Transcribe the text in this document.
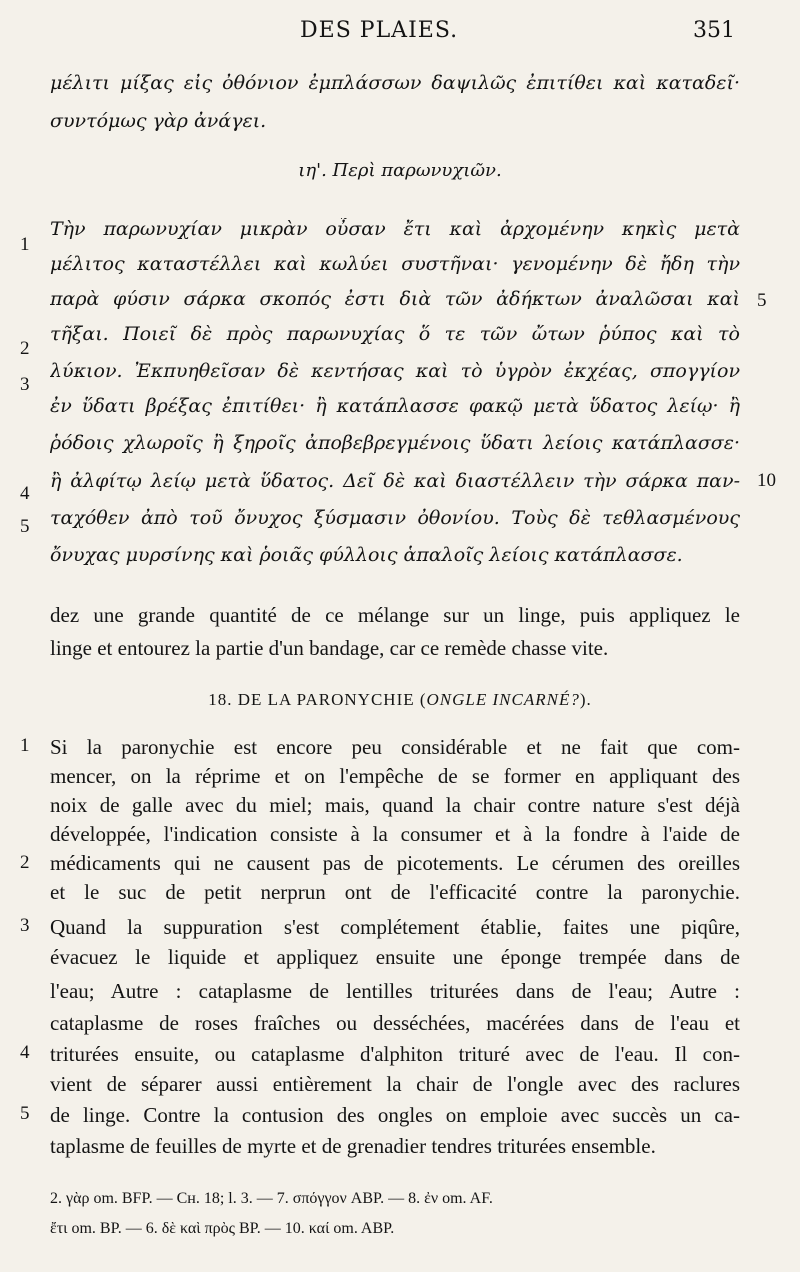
DES PLAIES.	351
μέλιτι μίξας εἰς ὀθόνιον ἐμπλάσσων δαψιλῶς ἐπιτίθει καὶ καταδεῖ·
συντόμως γὰρ ἀνάγει.
ιη'. Περὶ παρωνυχιῶν.
Τὴν παρωνυχίαν μικρὰν οὖσαν ἔτι καὶ ἀρχομένην κηκὶς μετὰ
μέλιτος καταστέλλει καὶ κωλύει συστῆναι· γενομένην δὲ ἤδη τὴν
παρὰ φύσιν σάρκα σκοπός ἐστι διὰ τῶν ἀδήκτων ἀναλῶσαι καὶ
τῆξαι. Ποιεῖ δὲ πρὸς παρωνυχίας ὅ τε τῶν ὤτων ῥύπος καὶ τὸ
λύκιον. Ἐκπυηθεῖσαν δὲ κεντήσας καὶ τὸ ὑγρὸν ἐκχέας, σπογγίον
ἐν ὕδατι βρέξας ἐπιτίθει· ἢ κατάπλασσε φακῷ μετὰ ὕδατος λείῳ· ἢ
ῥόδοις χλωροῖς ἢ ξηροῖς ἀποβεβρεγμένοις ὕδατι λείοις κατάπλασσε·
ἢ ἀλφίτῳ λείῳ μετὰ ὕδατος. Δεῖ δὲ καὶ διαστέλλειν τὴν σάρκα παν-
ταχόθεν ἀπὸ τοῦ ὄνυχος ξύσμασιν ὀθονίου. Τοὺς δὲ τεθλασμένους
ὄνυχας μυρσίνης καὶ ῥοιᾶς φύλλοις ἁπαλοῖς λείοις κατάπλασσε.
1
2
3
4
5
5
10
dez une grande quantité de ce mélange sur un linge, puis appliquez le
linge et entourez la partie d'un bandage, car ce remède chasse vite.
18. DE LA PARONYCHIE (ONGLE INCARNÉ?).
Si la paronychie est encore peu considérable et ne fait que com-
mencer, on la réprime et on l'empêche de se former en appliquant des
noix de galle avec du miel; mais, quand la chair contre nature s'est déjà
développée, l'indication consiste à la consumer et à la fondre à l'aide de
médicaments qui ne causent pas de picotements. Le cérumen des oreilles
et le suc de petit nerprun ont de l'efficacité contre la paronychie.
Quand la suppuration s'est complétement établie, faites une piqûre,
évacuez le liquide et appliquez ensuite une éponge trempée dans de
l'eau; Autre : cataplasme de lentilles triturées dans de l'eau; Autre :
cataplasme de roses fraîches ou desséchées, macérées dans de l'eau et
triturées ensuite, ou cataplasme d'alphiton trituré avec de l'eau. Il con-
vient de séparer aussi entièrement la chair de l'ongle avec des raclures
de linge. Contre la contusion des ongles on emploie avec succès un ca-
taplasme de feuilles de myrte et de grenadier tendres triturées ensemble.
1
2
3
4
5
2. γὰρ om. BFP. — Cʜ. 18; l. 3. — 7. σπόγγον ABP. — 8. ἐν om. AF.
ἔτι om. BP. — 6. δὲ καὶ πρὸς BP. — 10. καί om. ABP.
